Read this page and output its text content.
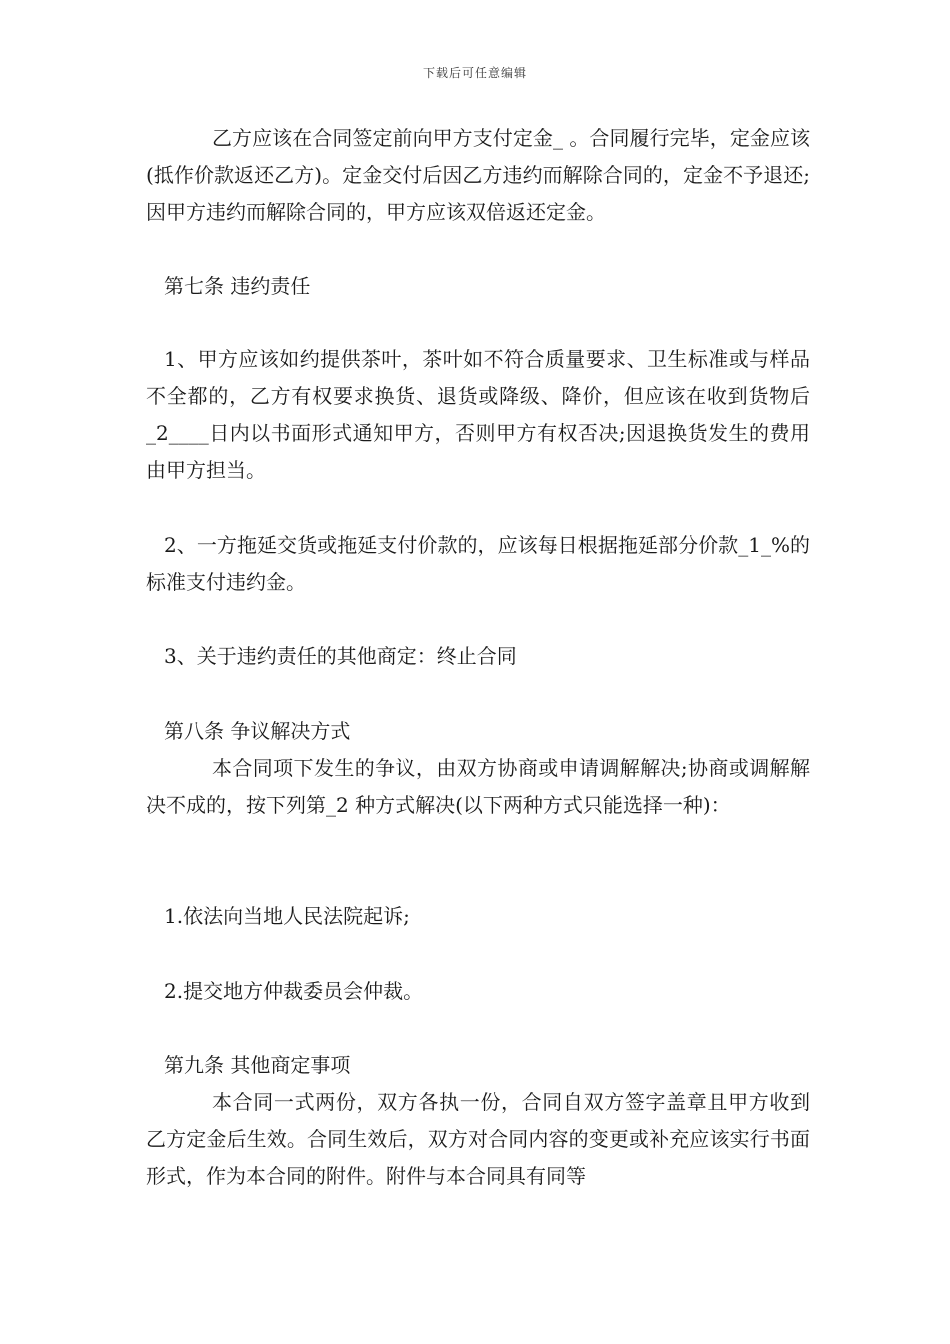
下载后可任意编辑

乙方应该在合同签定前向甲方支付定金_ 。合同履行完毕，定金应该(抵作价款返还乙方)。定金交付后因乙方违约而解除合同的，定金不予退还;因甲方违约而解除合同的，甲方应该双倍返还定金。

第七条 违约责任

1、甲方应该如约提供茶叶，茶叶如不符合质量要求、卫生标准或与样品不全都的，乙方有权要求换货、退货或降级、降价，但应该在收到货物后_2____日内以书面形式通知甲方，否则甲方有权否决;因退换货发生的费用由甲方担当。

2、一方拖延交货或拖延支付价款的，应该每日根据拖延部分价款_1_%的标准支付违约金。

3、关于违约责任的其他商定：终止合同

第八条 争议解决方式

本合同项下发生的争议，由双方协商或申请调解解决;协商或调解解决不成的，按下列第_2 种方式解决(以下两种方式只能选择一种)：

1.依法向当地人民法院起诉;

2.提交地方仲裁委员会仲裁。

第九条 其他商定事项

本合同一式两份，双方各执一份，合同自双方签字盖章且甲方收到乙方定金后生效。合同生效后，双方对合同内容的变更或补充应该实行书面形式，作为本合同的附件。附件与本合同具有同等
